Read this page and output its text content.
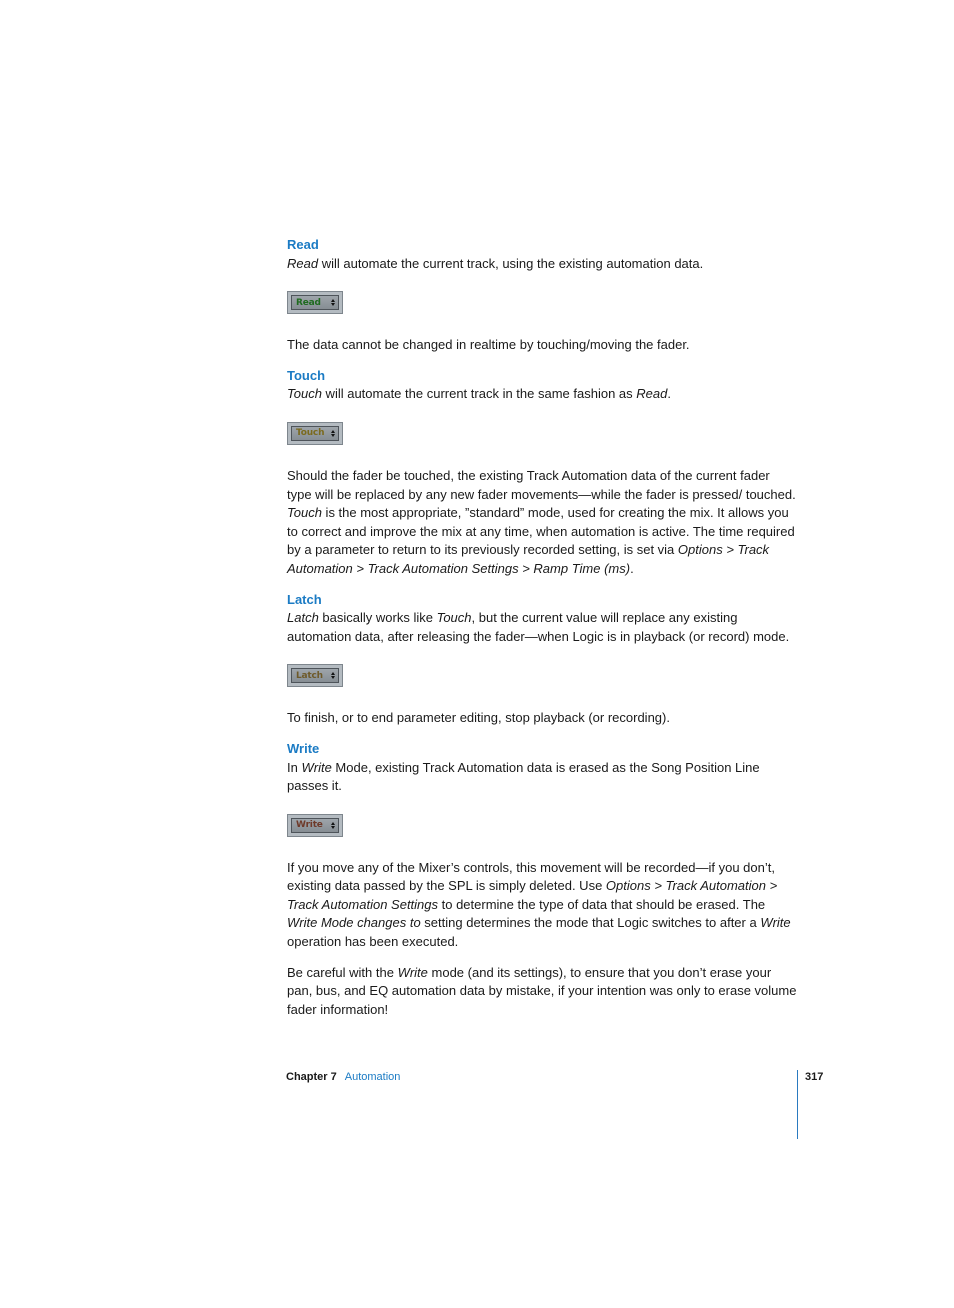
Read

Read will automate the current track, using the existing automation data.

Read

The data cannot be changed in realtime by touching/moving the fader.

Touch

Touch will automate the current track in the same fashion as Read.

Touch

Should the fader be touched, the existing Track Automation data of the current fader type will be replaced by any new fader movements—while the fader is pressed/ touched. Touch is the most appropriate, ”standard” mode, used for creating the mix. It allows you to correct and improve the mix at any time, when automation is active. The time required by a parameter to return to its previously recorded setting, is set via Options > Track Automation > Track Automation Settings > Ramp Time (ms).

Latch

Latch basically works like Touch, but the current value will replace any existing automation data, after releasing the fader—when Logic is in playback (or record) mode.

Latch

To finish, or to end parameter editing, stop playback (or recording).

Write

In Write Mode, existing Track Automation data is erased as the Song Position Line passes it.

Write

If you move any of the Mixer’s controls, this movement will be recorded—if you don’t, existing data passed by the SPL is simply deleted. Use Options > Track Automation > Track Automation Settings to determine the type of data that should be erased. The Write Mode changes to setting determines the mode that Logic switches to after a Write operation has been executed.

Be careful with the Write mode (and its settings), to ensure that you don’t erase your pan, bus, and EQ automation data by mistake, if your intention was only to erase volume fader information!

Chapter 7 Automation	317
